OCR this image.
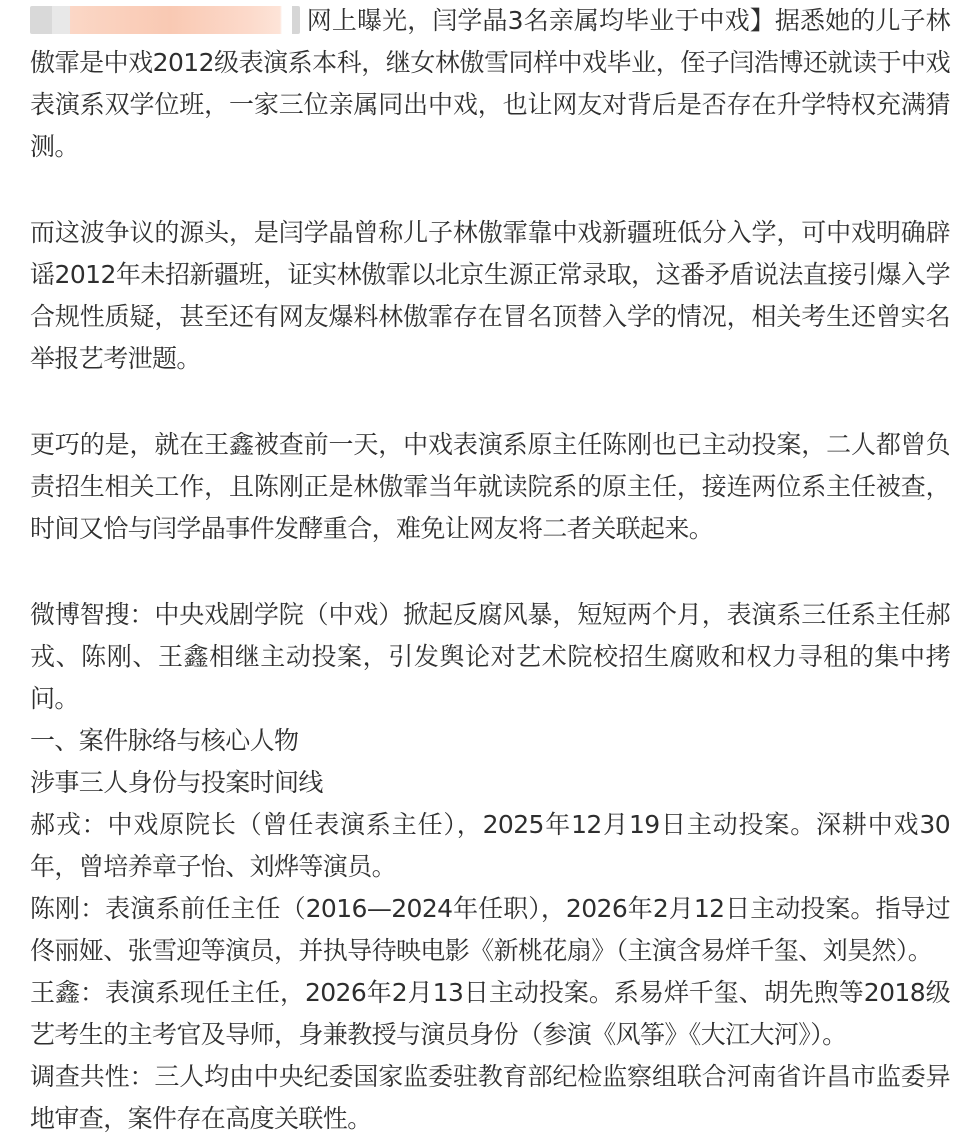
网上曝光，闫学晶3名亲属均毕业于中戏】据悉她的儿子林傲霏是中戏2012级表演系本科，继女林傲雪同样中戏毕业，侄子闫浩博还就读于中戏表演系双学位班，一家三位亲属同出中戏，也让网友对背后是否存在升学特权充满猜测。

而这波争议的源头，是闫学晶曾称儿子林傲霏靠中戏新疆班低分入学，可中戏明确辟谣2012年未招新疆班，证实林傲霏以北京生源正常录取，这番矛盾说法直接引爆入学合规性质疑，甚至还有网友爆料林傲霏存在冒名顶替入学的情况，相关考生还曾实名举报艺考泄题。

更巧的是，就在王鑫被查前一天，中戏表演系原主任陈刚也已主动投案，二人都曾负责招生相关工作，且陈刚正是林傲霏当年就读院系的原主任，接连两位系主任被查，时间又恰与闫学晶事件发酵重合，难免让网友将二者关联起来。

微博智搜：中央戏剧学院（中戏）掀起反腐风暴，短短两个月，表演系三任系主任郝戎、陈刚、王鑫相继主动投案，引发舆论对艺术院校招生腐败和权力寻租的集中拷问。

一、案件脉络与核心人物

涉事三人身份与投案时间线

郝戎：中戏原院长（曾任表演系主任），2025年12月19日主动投案。深耕中戏30年，曾培养章子怡、刘烨等演员。

陈刚：表演系前任主任（2016—2024年任职），2026年2月12日主动投案。指导过佟丽娅、张雪迎等演员，并执导待映电影《新桃花扇》（主演含易烊千玺、刘昊然）。

王鑫：表演系现任主任，2026年2月13日主动投案。系易烊千玺、胡先煦等2018级艺考生的主考官及导师，身兼教授与演员身份（参演《风筝》《大江大河》）。

调查共性：三人均由中央纪委国家监委驻教育部纪检监察组联合河南省许昌市监委异地审查，案件存在高度关联性。
